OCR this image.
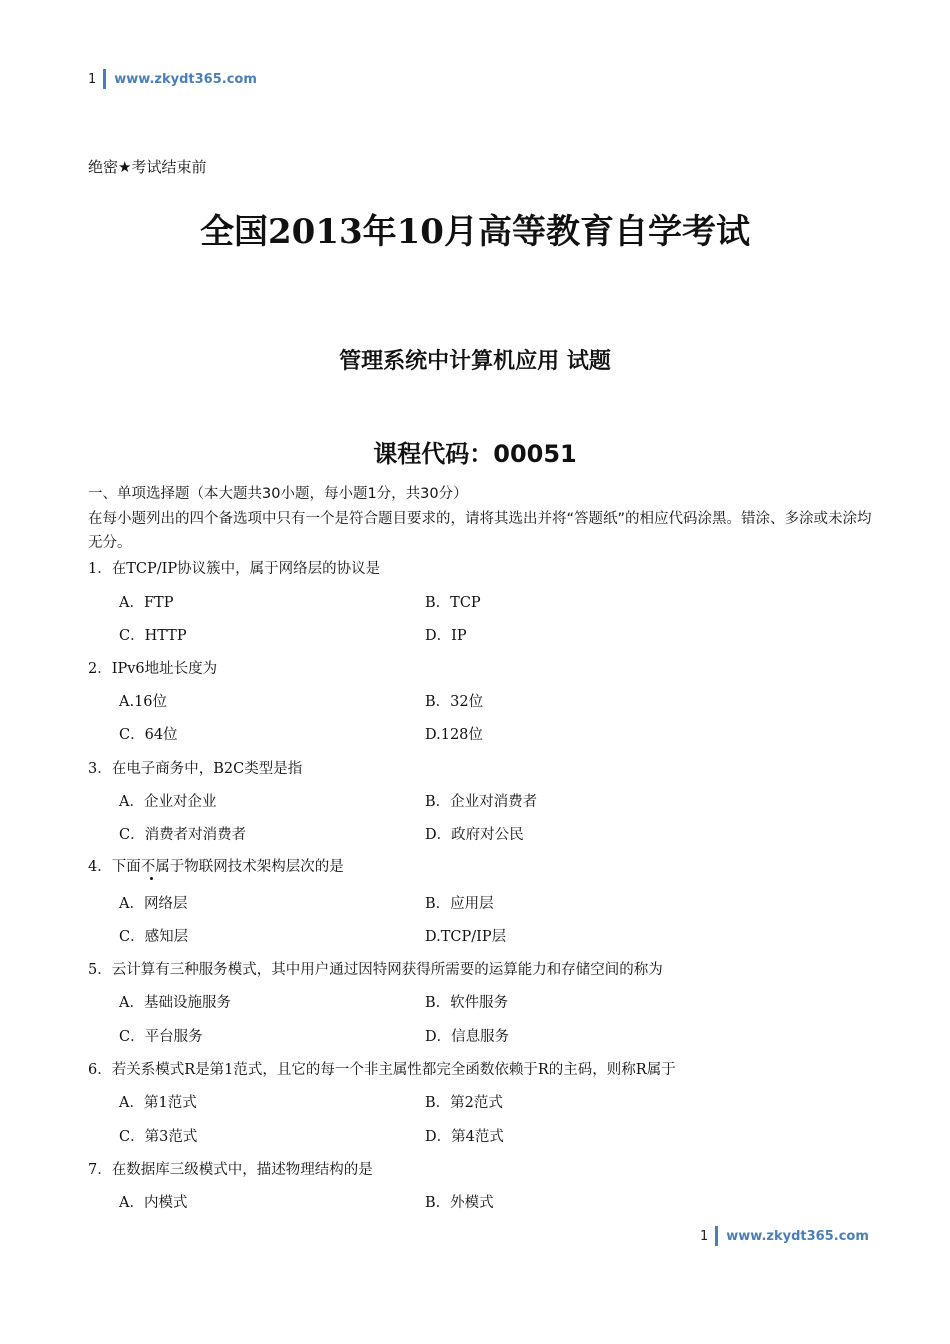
1 www.zkydt365.com
绝密★考试结束前
全国2013年10月高等教育自学考试
管理系统中计算机应用 试题
课程代码：00051
一、单项选择题（本大题共30小题，每小题1分，共30分）
在每小题列出的四个备选项中只有一个是符合题目要求的，请将其选出并将“答题纸”的相应代码涂黑。错涂、多涂或未涂均无分。
1．在TCP/IP协议簇中，属于网络层的协议是
A．FTP	B．TCP
C．HTTP	D．IP
2．IPv6地址长度为
A.16位	B．32位
C．64位	D.128位
3．在电子商务中，B2C类型是指
A．企业对企业	B．企业对消费者
C．消费者对消费者	D．政府对公民
4．下面不属于物联网技术架构层次的是
A．网络层	B．应用层
C．感知层	D.TCP/IP层
5．云计算有三种服务模式，其中用户通过因特网获得所需要的运算能力和存储空间的称为
A．基础设施服务	B．软件服务
C．平台服务	D．信息服务
6．若关系模式R是第1范式，且它的每一个非主属性都完全函数依赖于R的主码，则称R属于
A．第1范式	B．第2范式
C．第3范式	D．第4范式
7．在数据库三级模式中，描述物理结构的是
A．内模式	B．外模式
1 www.zkydt365.com
